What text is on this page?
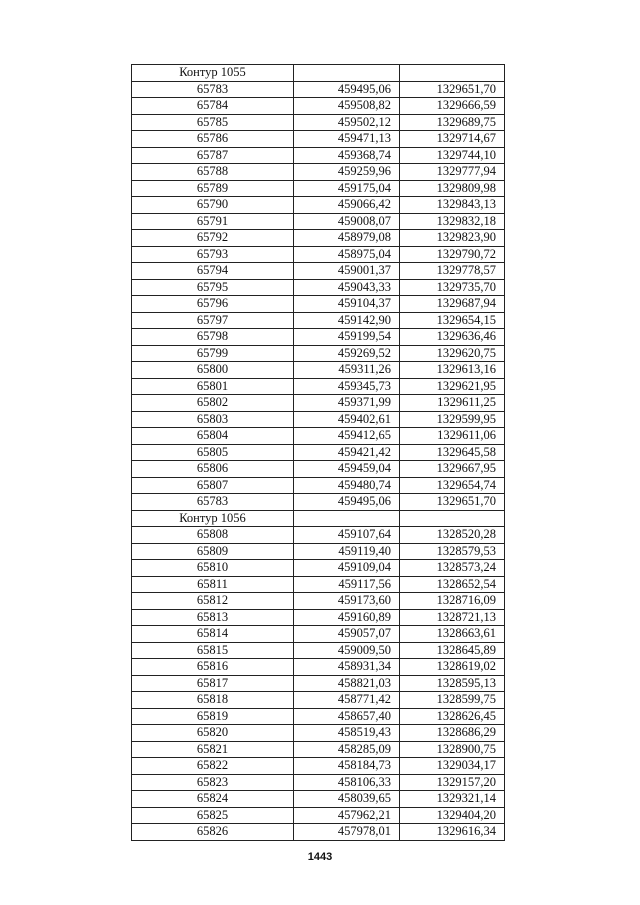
Контур 1055		
65783	459495,06	1329651,70
65784	459508,82	1329666,59
65785	459502,12	1329689,75
65786	459471,13	1329714,67
65787	459368,74	1329744,10
65788	459259,96	1329777,94
65789	459175,04	1329809,98
65790	459066,42	1329843,13
65791	459008,07	1329832,18
65792	458979,08	1329823,90
65793	458975,04	1329790,72
65794	459001,37	1329778,57
65795	459043,33	1329735,70
65796	459104,37	1329687,94
65797	459142,90	1329654,15
65798	459199,54	1329636,46
65799	459269,52	1329620,75
65800	459311,26	1329613,16
65801	459345,73	1329621,95
65802	459371,99	1329611,25
65803	459402,61	1329599,95
65804	459412,65	1329611,06
65805	459421,42	1329645,58
65806	459459,04	1329667,95
65807	459480,74	1329654,74
65783	459495,06	1329651,70
Контур 1056		
65808	459107,64	1328520,28
65809	459119,40	1328579,53
65810	459109,04	1328573,24
65811	459117,56	1328652,54
65812	459173,60	1328716,09
65813	459160,89	1328721,13
65814	459057,07	1328663,61
65815	459009,50	1328645,89
65816	458931,34	1328619,02
65817	458821,03	1328595,13
65818	458771,42	1328599,75
65819	458657,40	1328626,45
65820	458519,43	1328686,29
65821	458285,09	1328900,75
65822	458184,73	1329034,17
65823	458106,33	1329157,20
65824	458039,65	1329321,14
65825	457962,21	1329404,20
65826	457978,01	1329616,34
1443
